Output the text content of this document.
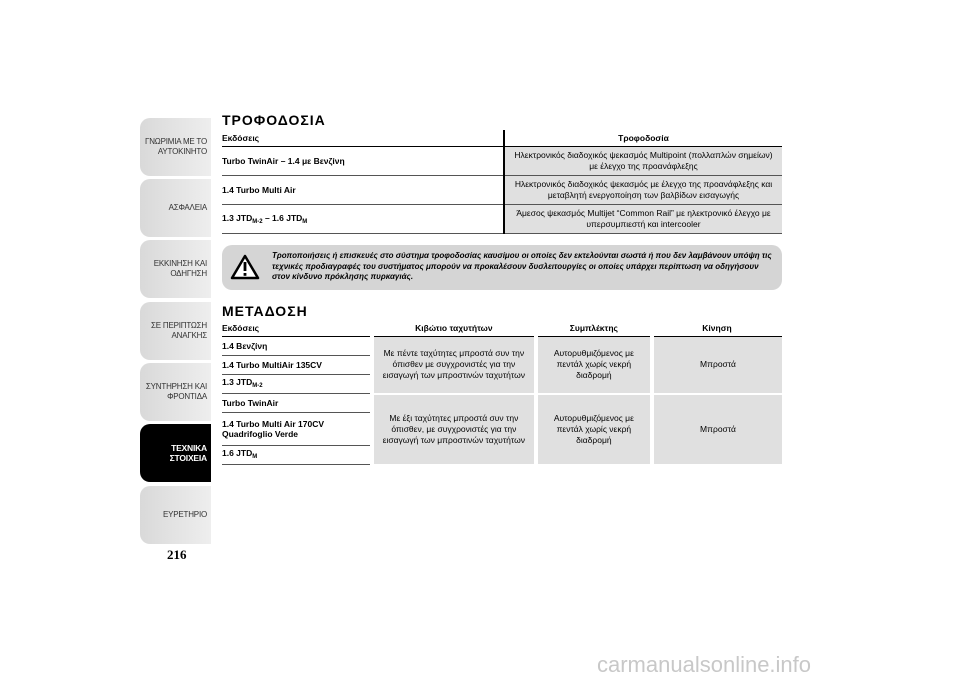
ΓΝΩΡΙΜΙΑ ΜΕ ΤΟ ΑΥΤΟΚΙΝΗΤΟ
ΑΣΦΑΛΕΙΑ
ΕΚΚΙΝΗΣΗ ΚΑΙ ΟΔΗΓΗΣΗ
ΣΕ ΠΕΡΙΠΤΩΣΗ ΑΝΑΓΚΗΣ
ΣΥΝΤΗΡΗΣΗ ΚΑΙ ΦΡΟΝΤΙΔΑ
ΤΕΧΝΙΚΑ ΣΤΟΙΧΕΙΑ
ΕΥΡΕΤΗΡΙΟ
216
ΤΡΟΦΟΔΟΣΙΑ
Εκδόσεις	Τροφοδοσία
Turbo TwinAir – 1.4 με Βενζίνη	Ηλεκτρονικός διαδοχικός ψεκασμός Multipoint (πολλαπλών σημείων) με έλεγχο της προανάφλεξης
1.4 Turbo Multi Air	Ηλεκτρονικός διαδοχικός ψεκασμός με έλεγχο της προανάφλεξης και μεταβλητή ενεργοποίηση των βαλβίδων εισαγωγής
1.3 $JTD_{M-2} - 1.6$ $JTD_M$	Άμεσος ψεκασμός Multijet “Common Rail” με ηλεκτρονικό έλεγχο με υπερσυμπιεστή και intercooler

Τροποποιήσεις ή επισκευές στο σύστημα τροφοδοσίας καυσίμου οι οποίες δεν εκτελούνται σωστά ή που δεν λαμβάνουν υπόψη τις τεχνικές προδιαγραφές του συστήματος μπορούν να προκαλέσουν δυσλειτουργίες οι οποίες υπάρχει περίπτωση να οδηγήσουν στον κίνδυνο πρόκλησης πυρκαγιάς.

ΜΕΤΑΔΟΣΗ
Εκδόσεις	Κιβώτιο ταχυτήτων	Συμπλέκτης	Κίνηση
1.4 Βενζίνη	Με πέντε ταχύτητες μπροστά συν την όπισθεν με συγχρονιστές για την εισαγωγή των μπροστινών ταχυτήτων	Αυτορυθμιζόμενος με πεντάλ χωρίς νεκρή διαδρομή	Μπροστά
1.4 Turbo MultiAir 135CV			
1.3 $JTD_{M-2}$
Turbo TwinAir	Με έξι ταχύτητες μπροστά συν την όπισθεν, με συγχρονιστές για την εισαγωγή των μπροστινών ταχυτήτων	Αυτορυθμιζόμενος με πεντάλ χωρίς νεκρή διαδρομή	Μπροστά
1.4 Turbo Multi Air 170CV Quadrifoglio Verde			
1.6 $JTD_M$
carmanualsonline.info
